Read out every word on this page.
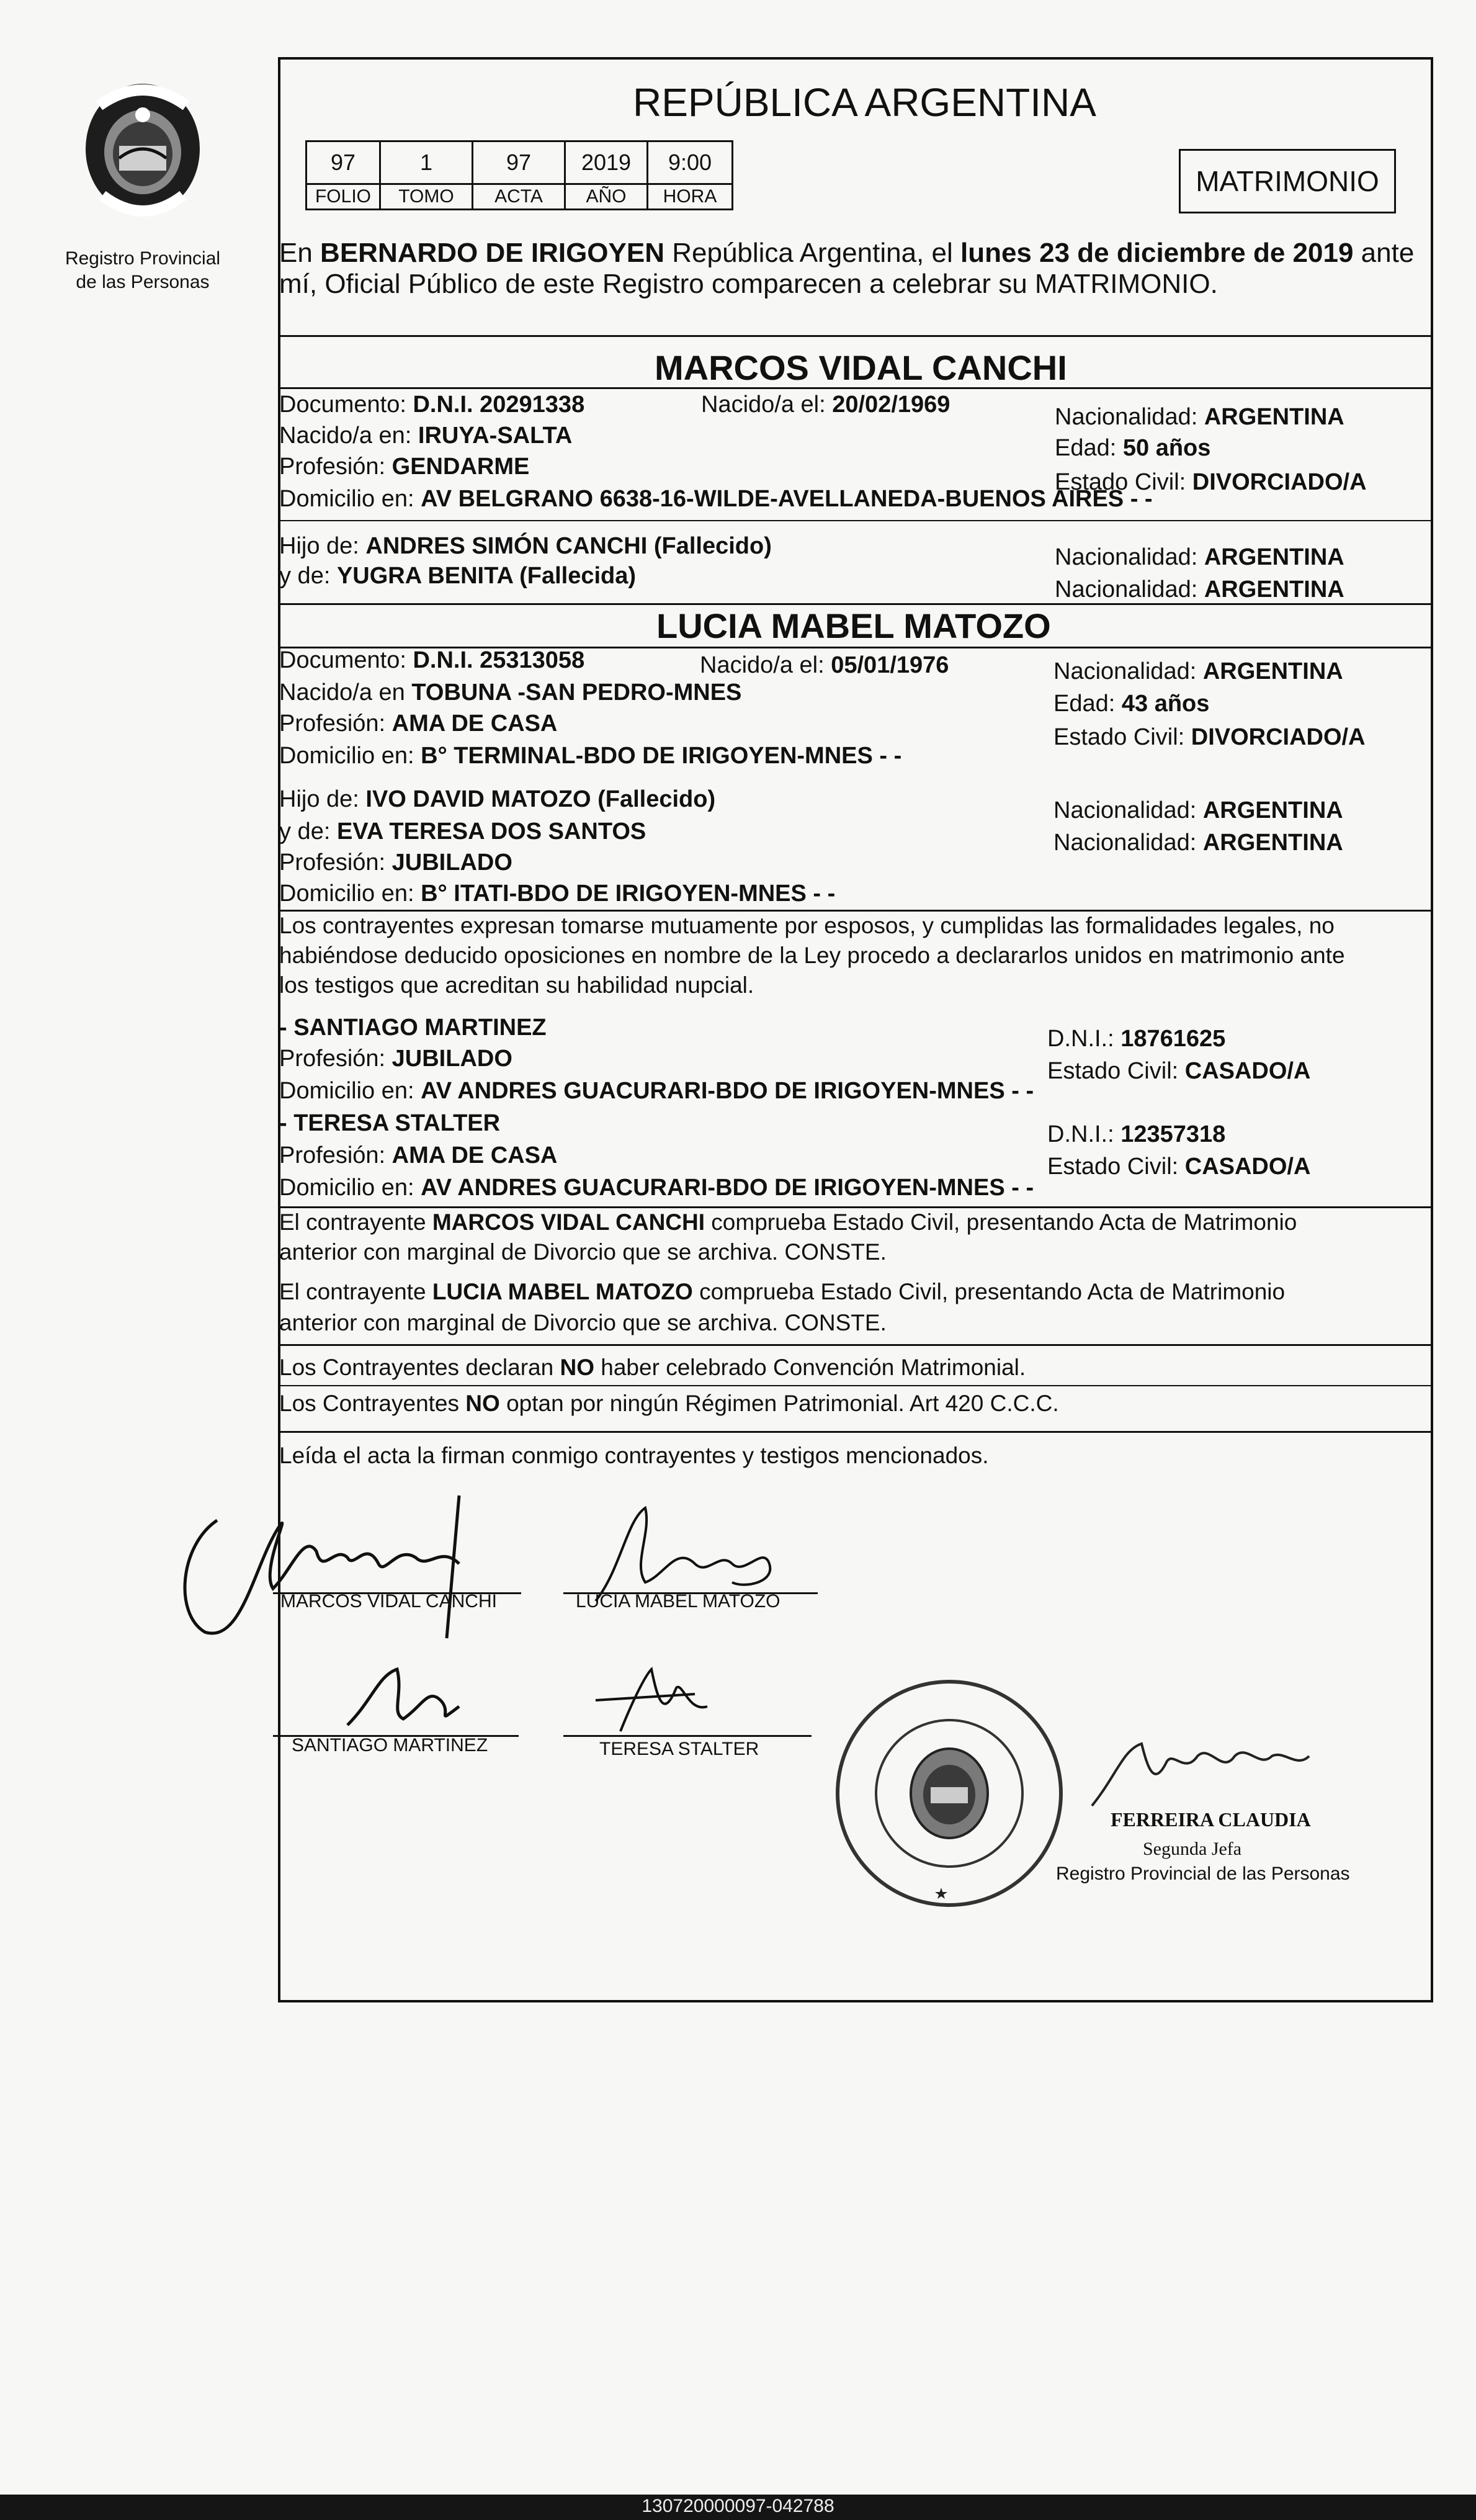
Registro Provincial
de las Personas
REPÚBLICA ARGENTINA
97	1	97	2019	9:00
FOLIO	TOMO	ACTA	AÑO	HORA	MATRIMONIO
En BERNARDO DE IRIGOYEN República Argentina, el lunes 23 de diciembre de 2019 ante
mí, Oficial Público de este Registro comparecen a celebrar su MATRIMONIO.
MARCOS VIDAL CANCHI
Documento: D.N.I. 20291338	Nacido/a el: 20/02/1969	Nacionalidad: ARGENTINA
Nacido/a en: IRUYA-SALTA	Edad: 50 años
Profesión: GENDARME
Estado Civil: DIVORCIADO/A
Domicilio en: AV BELGRANO 6638-16-WILDE-AVELLANEDA-BUENOS AIRES - -
Hijo de: ANDRES SIMÓN CANCHI (Fallecido)	Nacionalidad: ARGENTINA
y de: YUGRA BENITA (Fallecida)
Nacionalidad: ARGENTINA
LUCIA MABEL MATOZO
Documento: D.N.I. 25313058	Nacido/a el: 05/01/1976	Nacionalidad: ARGENTINA
Nacido/a en TOBUNA -SAN PEDRO-MNES	Edad: 43 años
Profesión: AMA DE CASA
Estado Civil: DIVORCIADO/A
Domicilio en: B° TERMINAL-BDO DE IRIGOYEN-MNES - -
Hijo de: IVO DAVID MATOZO (Fallecido)	Nacionalidad: ARGENTINA
y de: EVA TERESA DOS SANTOS	Nacionalidad: ARGENTINA
Profesión: JUBILADO
Domicilio en: B° ITATI-BDO DE IRIGOYEN-MNES - -
Los contrayentes expresan tomarse mutuamente por esposos, y cumplidas las formalidades legales, no
habiéndose deducido oposiciones en nombre de la Ley procedo a declararlos unidos en matrimonio ante
los testigos que acreditan su habilidad nupcial.
- SANTIAGO MARTINEZ	D.N.I.: 18761625
Profesión: JUBILADO	Estado Civil: CASADO/A
Domicilio en: AV ANDRES GUACURARI-BDO DE IRIGOYEN-MNES - -
- TERESA STALTER	D.N.I.: 12357318
Profesión: AMA DE CASA	Estado Civil: CASADO/A
Domicilio en: AV ANDRES GUACURARI-BDO DE IRIGOYEN-MNES - -
El contrayente MARCOS VIDAL CANCHI comprueba Estado Civil, presentando Acta de Matrimonio
anterior con marginal de Divorcio que se archiva. CONSTE.
El contrayente LUCIA MABEL MATOZO comprueba Estado Civil, presentando Acta de Matrimonio
anterior con marginal de Divorcio que se archiva. CONSTE.
Los Contrayentes declaran NO haber celebrado Convención Matrimonial.
Los Contrayentes NO optan por ningún Régimen Patrimonial. Art 420 C.C.C.
Leída el acta la firman conmigo contrayentes y testigos mencionados.
MARCOS VIDAL CANCHI	LUCIA MABEL MATOZO
SANTIAGO MARTINEZ	TERESA STALTER
FERREIRA CLAUDIA
Segunda Jefa
Registro Provincial de las Personas
130720000097-042788
